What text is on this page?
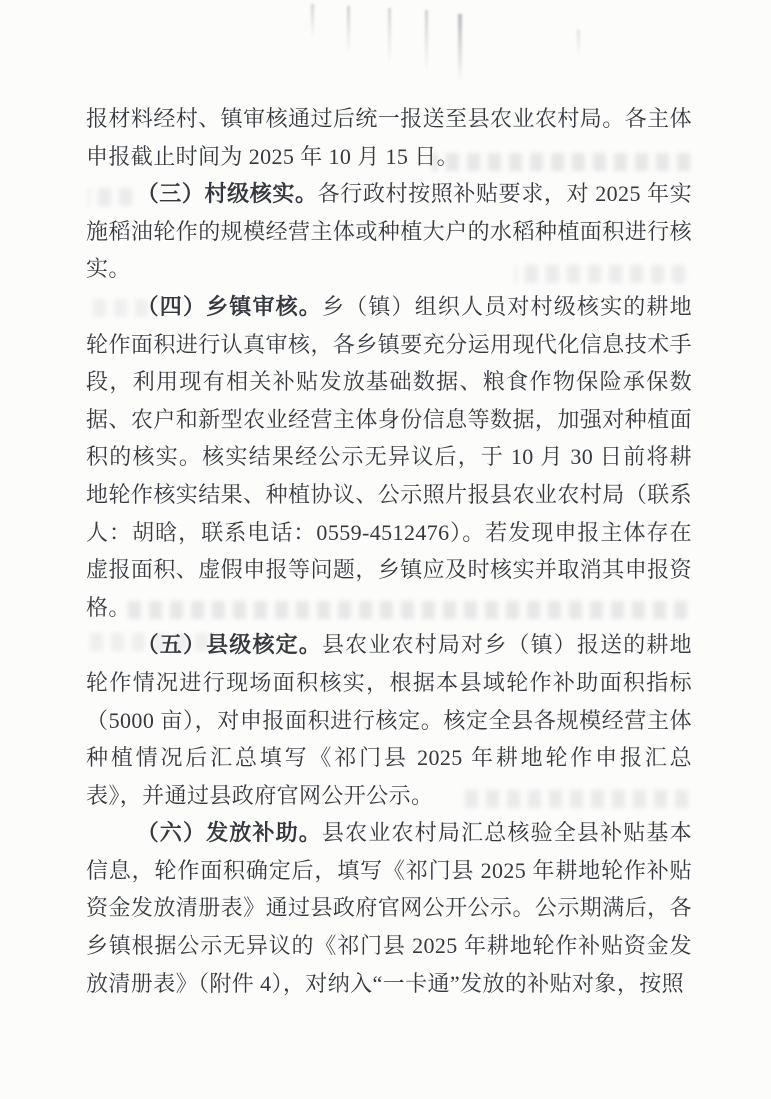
报材料经村、镇审核通过后统一报送至县农业农村局。各主体申报截止时间为 2025 年 10 月 15 日。

（三）村级核实。各行政村按照补贴要求，对 2025 年实施稻油轮作的规模经营主体或种植大户的水稻种植面积进行核实。

（四）乡镇审核。乡（镇）组织人员对村级核实的耕地轮作面积进行认真审核，各乡镇要充分运用现代化信息技术手段，利用现有相关补贴发放基础数据、粮食作物保险承保数据、农户和新型农业经营主体身份信息等数据，加强对种植面积的核实。核实结果经公示无异议后，于 10 月 30 日前将耕地轮作核实结果、种植协议、公示照片报县农业农村局（联系人：胡晗，联系电话：0559-4512476）。若发现申报主体存在虚报面积、虚假申报等问题，乡镇应及时核实并取消其申报资格。

（五）县级核定。县农业农村局对乡（镇）报送的耕地轮作情况进行现场面积核实，根据本县域轮作补助面积指标（5000 亩），对申报面积进行核定。核定全县各规模经营主体种植情况后汇总填写《祁门县 2025 年耕地轮作申报汇总表》，并通过县政府官网公开公示。

（六）发放补助。县农业农村局汇总核验全县补贴基本信息，轮作面积确定后，填写《祁门县 2025 年耕地轮作补贴资金发放清册表》通过县政府官网公开公示。公示期满后，各乡镇根据公示无异议的《祁门县 2025 年耕地轮作补贴资金发放清册表》（附件 4），对纳入“一卡通”发放的补贴对象，按照
